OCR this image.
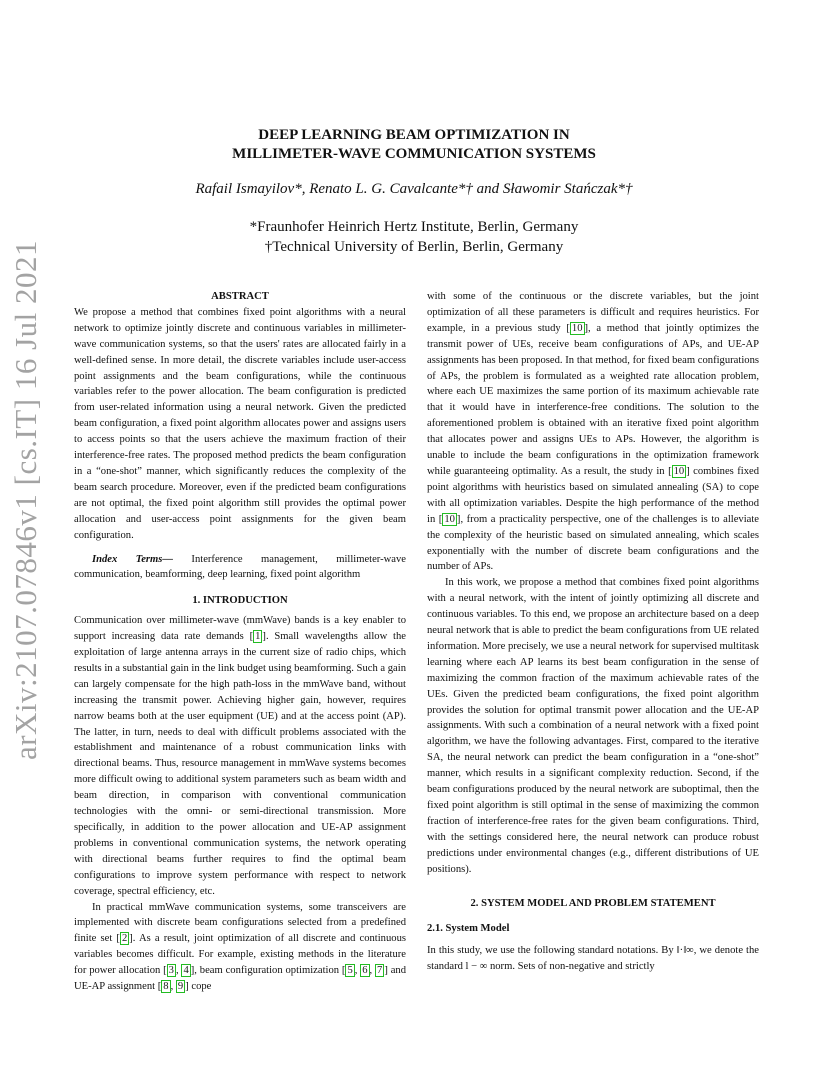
arXiv:2107.07846v1 [cs.IT] 16 Jul 2021
DEEP LEARNING BEAM OPTIMIZATION IN
MILLIMETER-WAVE COMMUNICATION SYSTEMS
Rafail Ismayilov*, Renato L. G. Cavalcante*† and Sławomir Stańczak*†
*Fraunhofer Heinrich Hertz Institute, Berlin, Germany
†Technical University of Berlin, Berlin, Germany

ABSTRACT

We propose a method that combines fixed point algorithms with a neural network to optimize jointly discrete and continuous variables in millimeter-wave communication systems, so that the users' rates are allocated fairly in a well-defined sense. In more detail, the discrete variables include user-access point assignments and the beam configurations, while the continuous variables refer to the power allocation. The beam configuration is predicted from user-related information using a neural network. Given the predicted beam configuration, a fixed point algorithm allocates power and assigns users to access points so that the users achieve the maximum fraction of their interference-free rates. The proposed method predicts the beam configuration in a “one-shot” manner, which significantly reduces the complexity of the beam search procedure. Moreover, even if the predicted beam configurations are not optimal, the fixed point algorithm still provides the optimal power allocation and user-access point assignments for the given beam configuration.

Index Terms— Interference management, millimeter-wave communication, beamforming, deep learning, fixed point algorithm

1. INTRODUCTION

Communication over millimeter-wave (mmWave) bands is a key enabler to support increasing data rate demands [ 1 ]. Small wavelengths allow the exploitation of large antenna arrays in the current size of radio chips, which results in a substantial gain in the link budget using beamforming. Such a gain can largely compensate for the high path-loss in the mmWave band, without increasing the transmit power. Achieving higher gain, however, requires narrow beams both at the user equipment (UE) and at the access point (AP). The latter, in turn, needs to deal with difficult problems associated with the establishment and maintenance of a robust communication links with directional beams. Thus, resource management in mmWave systems becomes more difficult owing to additional system parameters such as beam width and beam direction, in comparison with conventional communication technologies with the omni- or semi-directional transmission. More specifically, in addition to the power allocation and UE-AP assignment problems in conventional communication systems, the network operating with directional beams further requires to find the optimal beam configurations to improve system performance with respect to network coverage, spectral efficiency, etc.

In practical mmWave communication systems, some transceivers are implemented with discrete beam configurations selected from a predefined finite set [ 2 ]. As a result, joint optimization of all discrete and continuous variables becomes difficult. For example, existing methods in the literature for power allocation [ 3 , 4 ], beam configuration optimization [ 5 , 6 , 7 ] and UE-AP assignment [ 8 , 9 ] cope

with some of the continuous or the discrete variables, but the joint optimization of all these parameters is difficult and requires heuristics. For example, in a previous study [ 10 ], a method that jointly optimizes the transmit power of UEs, receive beam configurations of APs, and UE-AP assignments has been proposed. In that method, for fixed beam configurations of APs, the problem is formulated as a weighted rate allocation problem, where each UE maximizes the same portion of its maximum achievable rate that it would have in interference-free conditions. The solution to the aforementioned problem is obtained with an iterative fixed point algorithm that allocates power and assigns UEs to APs. However, the algorithm is unable to include the beam configurations in the optimization framework while guaranteeing optimality. As a result, the study in [ 10 ] combines fixed point algorithms with heuristics based on simulated annealing (SA) to cope with all optimization variables. Despite the high performance of the method in [ 10 ], from a practicality perspective, one of the challenges is to alleviate the complexity of the heuristic based on simulated annealing, which scales exponentially with the number of discrete beam configurations and the number of APs.

In this work, we propose a method that combines fixed point algorithms with a neural network, with the intent of jointly optimizing all discrete and continuous variables. To this end, we propose an architecture based on a deep neural network that is able to predict the beam configurations from UE related information. More precisely, we use a neural network for supervised multitask learning where each AP learns its best beam configuration in the sense of maximizing the common fraction of the maximum achievable rates of the UEs. Given the predicted beam configurations, the fixed point algorithm provides the solution for optimal transmit power allocation and the UE-AP assignments. With such a combination of a neural network with a fixed point algorithm, we have the following advantages. First, compared to the iterative SA, the neural network can predict the beam configuration in a “one-shot” manner, which results in a significant complexity reduction. Second, if the beam configurations produced by the neural network are suboptimal, then the fixed point algorithm is still optimal in the sense of maximizing the common fraction of interference-free rates for the given beam configurations. Third, with the settings considered here, the neural network can produce robust predictions under environmental changes (e.g., different distributions of UE positions).

2. SYSTEM MODEL AND PROBLEM STATEMENT

2.1. System Model

In this study, we use the following standard notations. By ‖·‖∞, we denote the standard l − ∞ norm. Sets of non-negative and strictly
